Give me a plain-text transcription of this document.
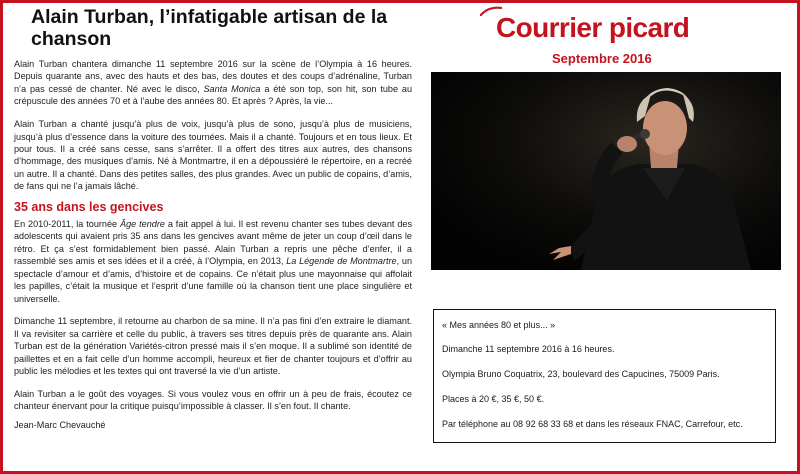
Alain Turban, l’infatigable artisan de la chanson

Alain Turban chantera dimanche 11 septembre 2016 sur la scène de l’Olympia à 16 heures. Depuis quarante ans, avec des hauts et des bas, des doutes et des coups d’adrénaline, Turban n’a pas cessé de chanter. Né avec le disco, Santa Monica a été son top, son hit, son tube au crépuscule des années 70 et à l’aube des années 80. Et après ? Après, la vie...

Alain Turban a chanté jusqu’à plus de voix, jusqu’à plus de sono, jusqu’à plus de musiciens, jusqu’à plus d’essence dans la voiture des tournées. Mais il a chanté. Toujours et en tous lieux. Et pour tous. Il a créé sans cesse, sans s’arrêter. Il a offert des titres aux autres, des chansons d’hommage, des musiques d’amis. Né à Montmartre, il en a dépoussiéré le répertoire, en a recréé un autre. Il a chanté. Dans des petites salles, des plus grandes. Avec un public de copains, d’amis, de fans qui ne l’a jamais lâché.

35 ans dans les gencives

En 2010-2011, la tournée Âge tendre a fait appel à lui. Il est revenu chanter ses tubes devant des adolescents qui avaient pris 35 ans dans les gencives avant même de jeter un coup d’œil dans le rétro. Et ça s’est formidablement bien passé. Alain Turban a repris une pêche d’enfer, il a rassemblé ses amis et ses idées et il a créé, à l’Olympia, en 2013, La Légende de Montmartre, un spectacle d’amour et d’amis, d’histoire et de copains. Ce n’était plus une mayonnaise qui affolait les papilles, c’était la musique et l’esprit d’une famille où la chanson tient une place singulière et universelle.

Dimanche 11 septembre, il retourne au charbon de sa mine. Il n’a pas fini d’en extraire le diamant. Il va revisiter sa carrière et celle du public, à travers ses titres depuis près de quarante ans. Alain Turban est de la génération Variétés-citron pressé mais il s’en moque. Il a sublimé son identité de paillettes et en a fait celle d’un homme accompli, heureux et fier de chanter toujours et d’offrir au public les mélodies et les textes qui ont traversé la vie d’un artiste.

Alain Turban a le goût des voyages. Si vous voulez vous en offrir un à peu de frais, écoutez ce chanteur énervant pour la critique puisqu’impossible à classer. Il s’en fout. Il chante.

Jean-Marc Chevauché
Courrier picard
Septembre 2016
« Mes années 80 et plus... »
Dimanche 11 septembre 2016 à 16 heures.
Olympia Bruno Coquatrix, 23, boulevard des Capucines, 75009 Paris.
Places à 20 €, 35 €, 50 €.
Par téléphone au 08 92 68 33 68 et dans les réseaux FNAC, Carrefour, etc.
